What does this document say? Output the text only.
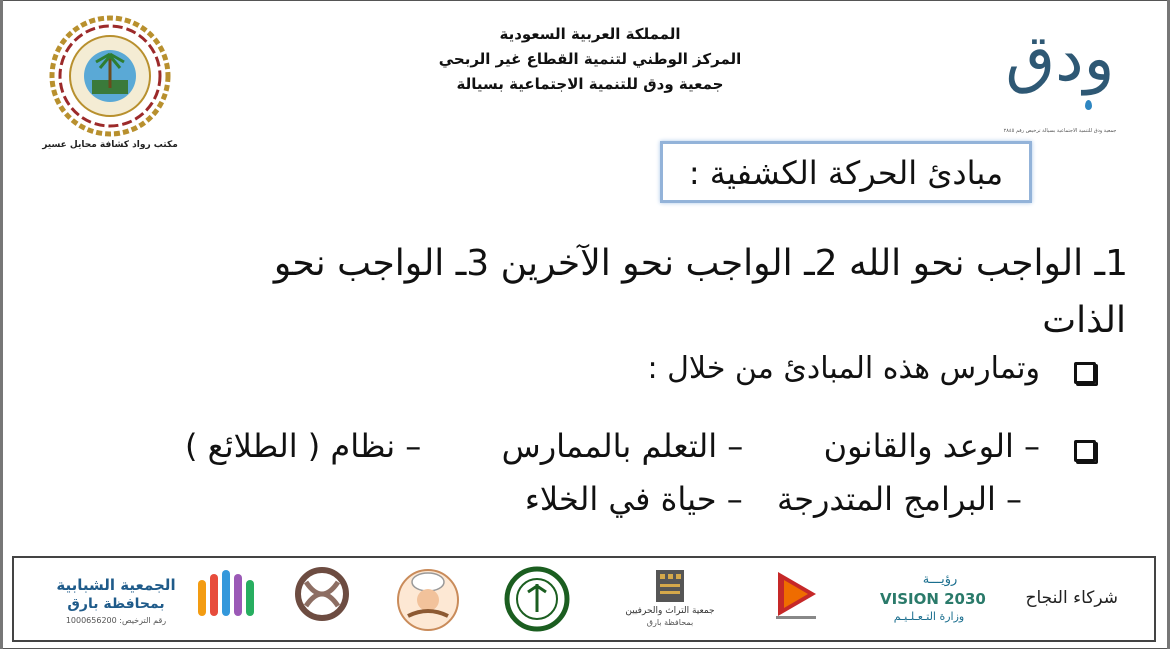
مكتب رواد كشافة محايل عسير
المملكة العربية السعودية
المركز الوطني لتنمية القطاع غير الربحي
جمعية ودق للتنمية الاجتماعية بسيالة	ودق
جمعية ودق للتنمية الاجتماعية بسيالة ترخيص رقم ٢٨٤٥
مبادئ الحركة الكشفية :
1ـ الواجب نحو الله 2ـ الواجب نحو الآخرين 3ـ الواجب نحو
الذات
وتمارس هذه المبادئ من خلال :
– الوعد والقانون  – التعلم بالممارس  – نظام ( الطلائع )
– البرامج المتدرجة  – حياة في الخلاء
شركاء النجاح
رؤيـــة
VISION 2030
وزارة التـعـلـيـم
جمعية التراث والحرفيين
بمحافظة بارق
الجمعية الشبابية
بمحافظة بارق
رقم الترخيص: 1000656200
